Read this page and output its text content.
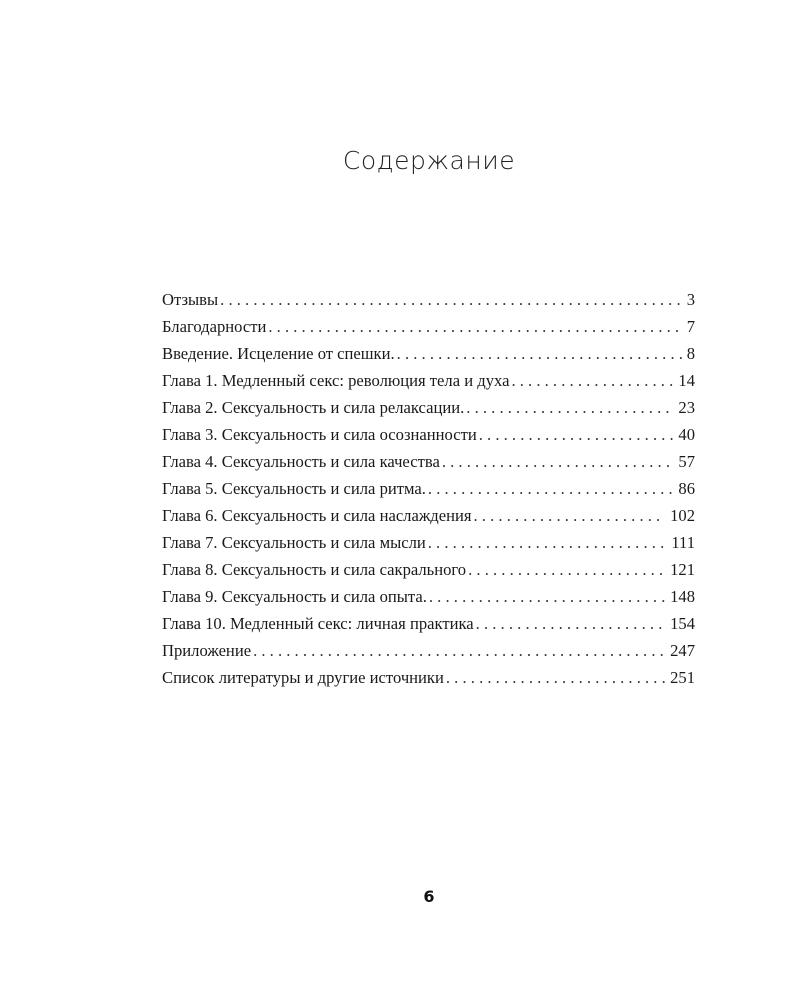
Содержание
Отзывы . . .	3
Благодарности . . .	7
Введение. Исцеление от спешки. . . .	8
Глава 1. Медленный секс: революция тела и духа . . .	14
Глава 2. Сексуальность и сила релаксации. . . .	23
Глава 3. Сексуальность и сила осознанности . . .	40
Глава 4. Сексуальность и сила качества . . .	57
Глава 5. Сексуальность и сила ритма. . . .	86
Глава 6. Сексуальность и сила наслаждения . . .	102
Глава 7. Сексуальность и сила мысли . . .	111
Глава 8. Сексуальность и сила сакрального . . .	121
Глава 9. Сексуальность и сила опыта. . . .	148
Глава 10. Медленный секс: личная практика . . .	154
Приложение . . .	247
Список литературы и другие источники . . .	251
6
